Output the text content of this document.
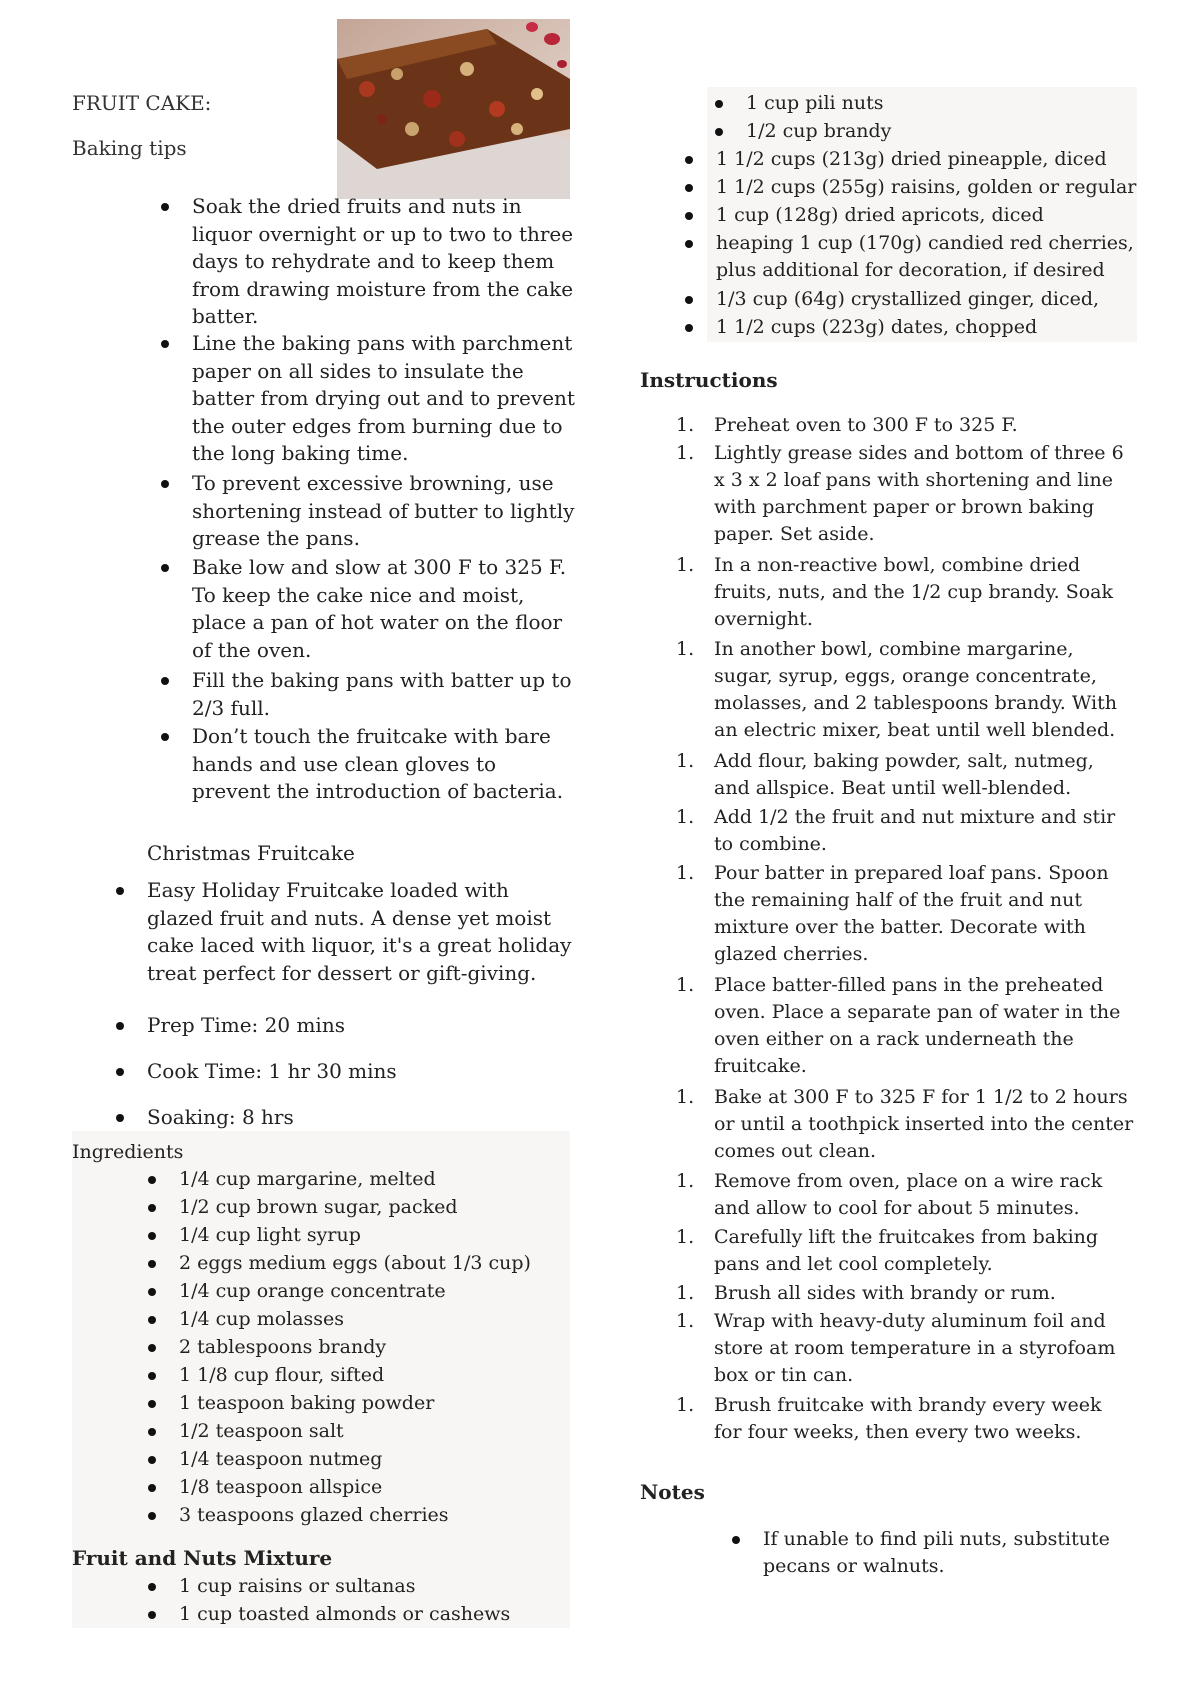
FRUIT CAKE:
Baking tips
Soak the dried fruits and nuts in liquor overnight or up to two to three days to rehydrate and to keep them from drawing moisture from the cake batter.
Line the baking pans with parchment paper on all sides to insulate the batter from drying out and to prevent the outer edges from burning due to the long baking time.
To prevent excessive browning, use shortening instead of butter to lightly grease the pans.
Bake low and slow at 300 F to 325 F. To keep the cake nice and moist, place a pan of hot water on the floor of the oven.
Fill the baking pans with batter up to 2/3 full.
Don’t touch the fruitcake with bare hands and use clean gloves to prevent the introduction of bacteria.
Christmas Fruitcake
Easy Holiday Fruitcake loaded with glazed fruit and nuts. A dense yet moist cake laced with liquor, it's a great holiday treat perfect for dessert or gift-giving.
Prep Time: 20 mins
Cook Time: 1 hr 30 mins
Soaking: 8 hrs
Ingredients
1/4 cup margarine, melted
1/2 cup brown sugar, packed
1/4 cup light syrup
2 eggs medium eggs (about 1/3 cup)
1/4 cup orange concentrate
1/4 cup molasses
2 tablespoons brandy
1 1/8 cup flour, sifted
1 teaspoon baking powder
1/2 teaspoon salt
1/4 teaspoon nutmeg
1/8 teaspoon allspice
3 teaspoons glazed cherries
Fruit and Nuts Mixture
1 cup raisins or sultanas
1 cup toasted almonds or cashews
1 cup pili nuts
1/2 cup brandy
1 1/2 cups (213g) dried pineapple, diced
1 1/2 cups (255g) raisins, golden or regular
1 cup (128g) dried apricots, diced
heaping 1 cup (170g) candied red cherries, plus additional for decoration, if desired
1/3 cup (64g) crystallized ginger, diced,
1 1/2 cups (223g) dates, chopped
Instructions
1. Preheat oven to 300 F to 325 F.
1. Lightly grease sides and bottom of three 6 x 3 x 2 loaf pans with shortening and line with parchment paper or brown baking paper. Set aside.
1. In a non-reactive bowl, combine dried fruits, nuts, and the 1/2 cup brandy. Soak overnight.
1. In another bowl, combine margarine, sugar, syrup, eggs, orange concentrate, molasses, and 2 tablespoons brandy. With an electric mixer, beat until well blended.
1. Add flour, baking powder, salt, nutmeg, and allspice. Beat until well-blended.
1. Add 1/2 the fruit and nut mixture and stir to combine.
1. Pour batter in prepared loaf pans. Spoon the remaining half of the fruit and nut mixture over the batter. Decorate with glazed cherries.
1. Place batter-filled pans in the preheated oven. Place a separate pan of water in the oven either on a rack underneath the fruitcake.
1. Bake at 300 F to 325 F for 1 1/2 to 2 hours or until a toothpick inserted into the center comes out clean.
1. Remove from oven, place on a wire rack and allow to cool for about 5 minutes.
1. Carefully lift the fruitcakes from baking pans and let cool completely.
1. Brush all sides with brandy or rum.
1. Wrap with heavy-duty aluminum foil and store at room temperature in a styrofoam box or tin can.
1. Brush fruitcake with brandy every week for four weeks, then every two weeks.
Notes
If unable to find pili nuts, substitute pecans or walnuts.
